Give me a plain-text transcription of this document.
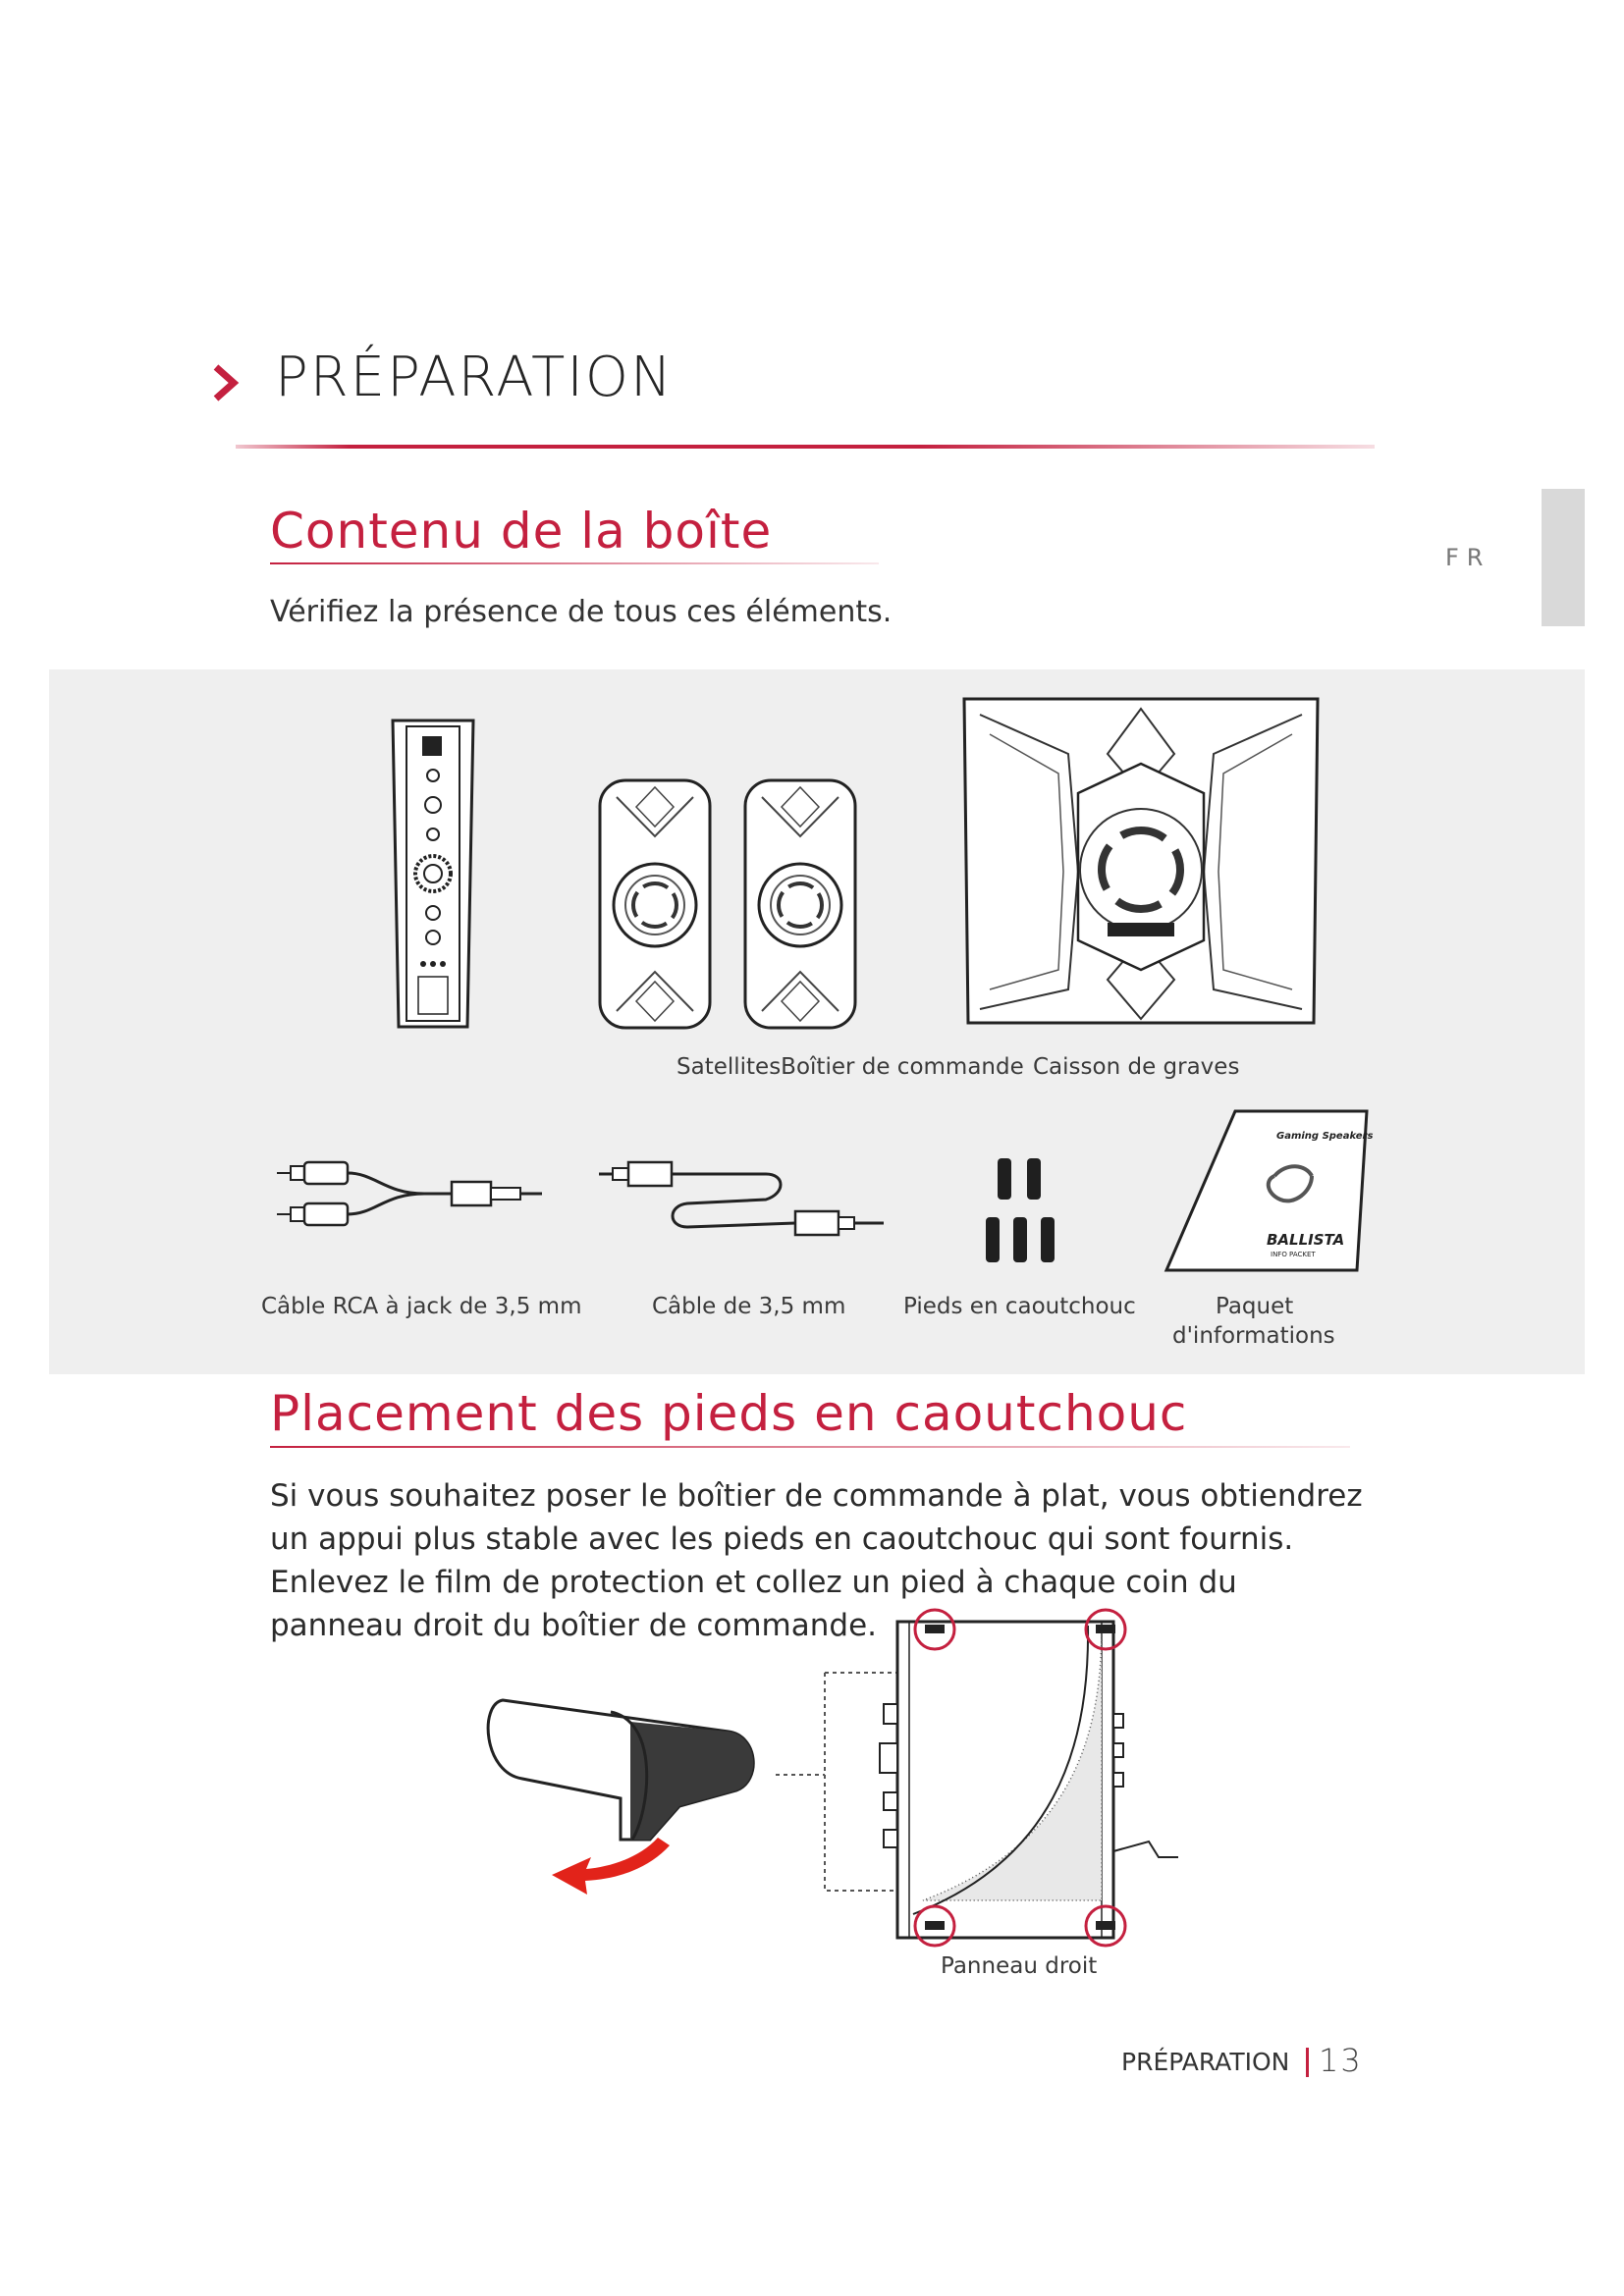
PRÉPARATION
FR
Contenu de la boîte
Vérifiez la présence de tous ces éléments.
SatellitesBoîtier de commande Caisson de graves
Gaming Speakers
BALLISTA
INFO PACKET
Câble RCA à jack de 3,5 mm	Câble de 3,5 mm	Pieds en caoutchouc	Paquet
d'informations
Placement des pieds en caoutchouc
Si vous souhaitez poser le boîtier de commande à plat, vous obtiendrez un appui plus stable avec les pieds en caoutchouc qui sont fournis. Enlevez le film de protection et collez un pied à chaque coin du panneau droit du boîtier de commande.
Panneau droit
PRÉPARATION 13
